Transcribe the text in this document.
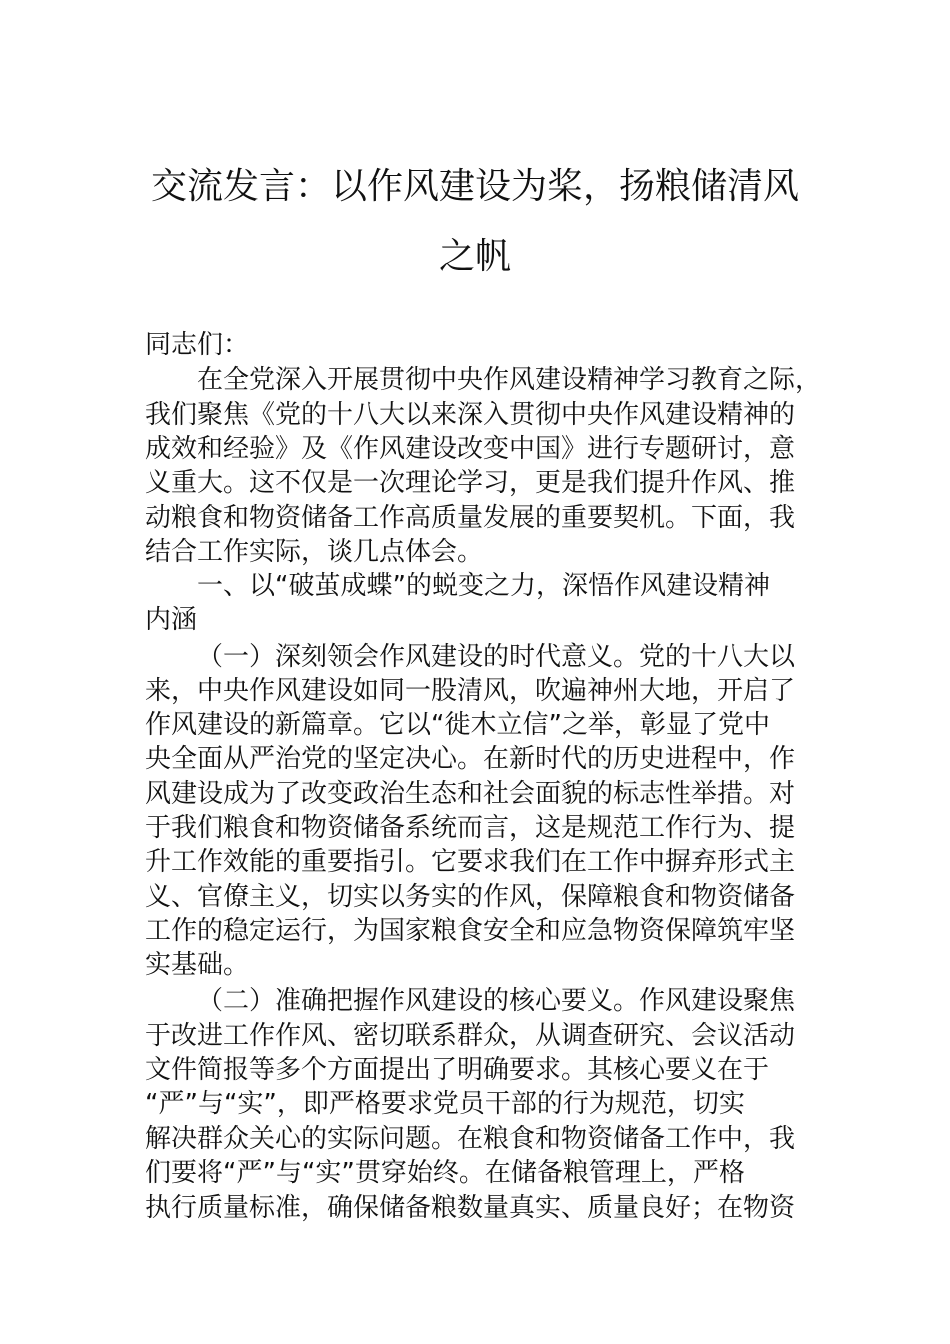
交流发言：以作风建设为桨，扬粮储清风
之帆

同志们：

在全党深入开展贯彻中央作风建设精神学习教育之际，

我们聚焦《党的十八大以来深入贯彻中央作风建设精神的

成效和经验》及《作风建设改变中国》进行专题研讨，意

义重大。这不仅是一次理论学习，更是我们提升作风、推

动粮食和物资储备工作高质量发展的重要契机。下面，我

结合工作实际，谈几点体会。

一、以“破茧成蝶”的蜕变之力，深悟作风建设精神

内涵

（一）深刻领会作风建设的时代意义。党的十八大以

来，中央作风建设如同一股清风，吹遍神州大地，开启了

作风建设的新篇章。它以“徙木立信”之举，彰显了党中

央全面从严治党的坚定决心。在新时代的历史进程中，作

风建设成为了改变政治生态和社会面貌的标志性举措。对

于我们粮食和物资储备系统而言，这是规范工作行为、提

升工作效能的重要指引。它要求我们在工作中摒弃形式主

义、官僚主义，切实以务实的作风，保障粮食和物资储备

工作的稳定运行，为国家粮食安全和应急物资保障筑牢坚

实基础。

（二）准确把握作风建设的核心要义。作风建设聚焦

于改进工作作风、密切联系群众，从调查研究、会议活动

文件简报等多个方面提出了明确要求。其核心要义在于

“严”与“实”，即严格要求党员干部的行为规范，切实

解决群众关心的实际问题。在粮食和物资储备工作中，我

们要将“严”与“实”贯穿始终。在储备粮管理上，严格

执行质量标准，确保储备粮数量真实、质量良好；在物资
